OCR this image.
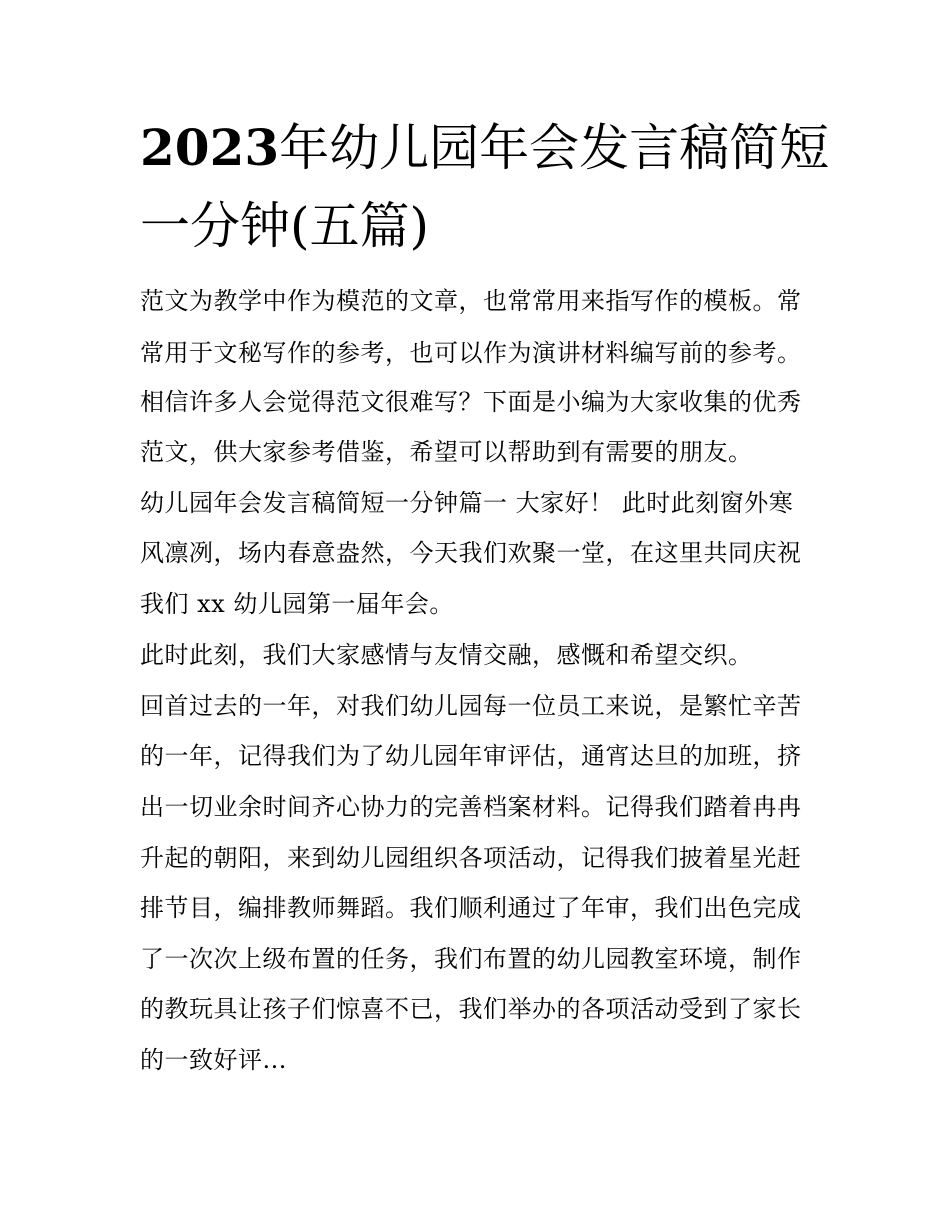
2023年幼儿园年会发言稿简短
一分钟(五篇)

范文为教学中作为模范的文章，也常常用来指写作的模板。常

常用于文秘写作的参考，也可以作为演讲材料编写前的参考。

相信许多人会觉得范文很难写？下面是小编为大家收集的优秀

范文，供大家参考借鉴，希望可以帮助到有需要的朋友。

幼儿园年会发言稿简短一分钟篇一 大家好！ 此时此刻窗外寒

风凛冽，场内春意盎然，今天我们欢聚一堂，在这里共同庆祝

我们 xx 幼儿园第一届年会。

此时此刻，我们大家感情与友情交融，感慨和希望交织。

回首过去的一年，对我们幼儿园每一位员工来说，是繁忙辛苦

的一年，记得我们为了幼儿园年审评估，通宵达旦的加班，挤

出一切业余时间齐心协力的完善档案材料。记得我们踏着冉冉

升起的朝阳，来到幼儿园组织各项活动，记得我们披着星光赶

排节目，编排教师舞蹈。我们顺利通过了年审，我们出色完成

了一次次上级布置的任务，我们布置的幼儿园教室环境，制作

的教玩具让孩子们惊喜不已，我们举办的各项活动受到了家长

的一致好评...
